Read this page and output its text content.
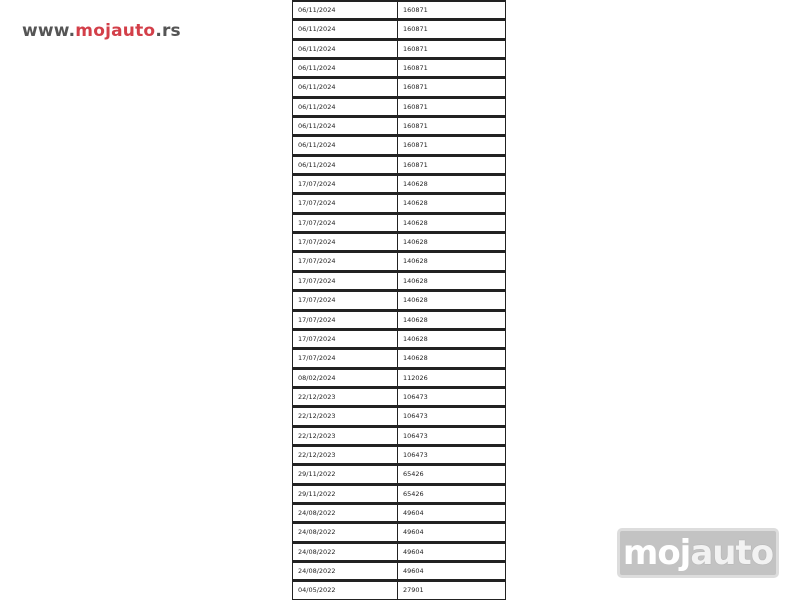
www.mojauto.rs
06/11/2024	160871
06/11/2024	160871
06/11/2024	160871
06/11/2024	160871
06/11/2024	160871
06/11/2024	160871
06/11/2024	160871
06/11/2024	160871
06/11/2024	160871
17/07/2024	140628
17/07/2024	140628
17/07/2024	140628
17/07/2024	140628
17/07/2024	140628
17/07/2024	140628
17/07/2024	140628
17/07/2024	140628
17/07/2024	140628
17/07/2024	140628
08/02/2024	112026
22/12/2023	106473
22/12/2023	106473
22/12/2023	106473
22/12/2023	106473
29/11/2022	65426
29/11/2022	65426
24/08/2022	49604
24/08/2022	49604
24/08/2022	49604
24/08/2022	49604
04/05/2022	27901
moj auto
